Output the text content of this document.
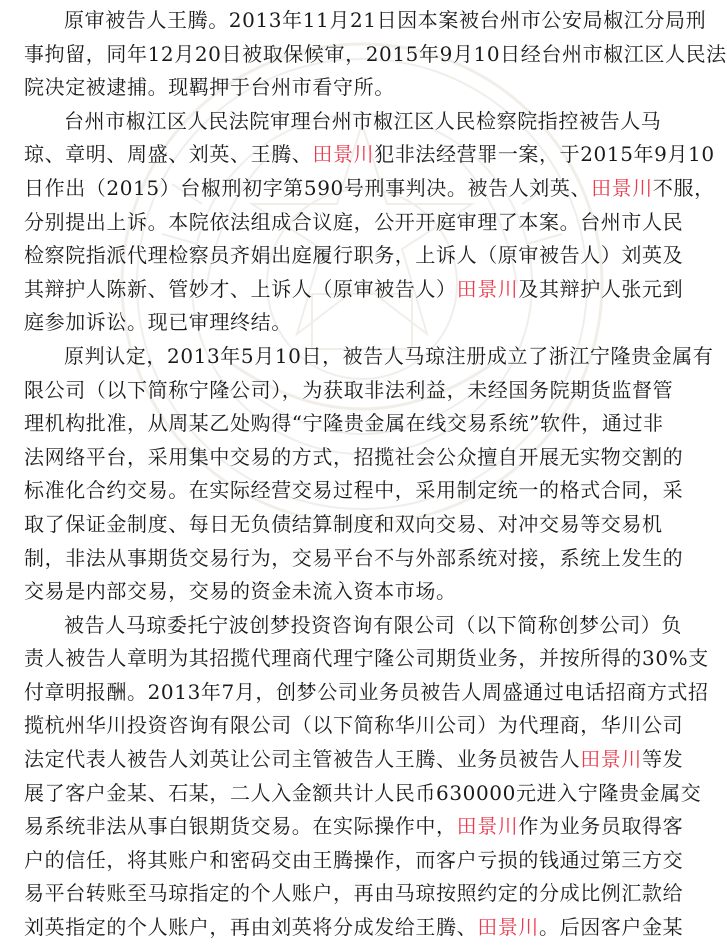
原审被告人王腾。2013年11月21日因本案被台州市公安局椒江分局刑
事拘留，同年12月20日被取保候审，2015年9月10日经台州市椒江区人民法
院决定被逮捕。现羁押于台州市看守所。

台州市椒江区人民法院审理台州市椒江区人民检察院指控被告人马
琼、章明、周盛、刘英、王腾、田景川犯非法经营罪一案，于2015年9月10
日作出（2015）台椒刑初字第590号刑事判决。被告人刘英、田景川不服，
分别提出上诉。本院依法组成合议庭，公开开庭审理了本案。台州市人民
检察院指派代理检察员齐娟出庭履行职务，上诉人（原审被告人）刘英及
其辩护人陈新、管妙才、上诉人（原审被告人）田景川及其辩护人张元到
庭参加诉讼。现已审理终结。

原判认定，2013年5月10日，被告人马琼注册成立了浙江宁隆贵金属有
限公司（以下简称宁隆公司），为获取非法利益，未经国务院期货监督管
理机构批准，从周某乙处购得“宁隆贵金属在线交易系统”软件，通过非
法网络平台，采用集中交易的方式，招揽社会公众擅自开展无实物交割的
标准化合约交易。在实际经营交易过程中，采用制定统一的格式合同，采
取了保证金制度、每日无负债结算制度和双向交易、对冲交易等交易机
制，非法从事期货交易行为，交易平台不与外部系统对接，系统上发生的
交易是内部交易，交易的资金未流入资本市场。

被告人马琼委托宁波创梦投资咨询有限公司（以下简称创梦公司）负
责人被告人章明为其招揽代理商代理宁隆公司期货业务，并按所得的30%支
付章明报酬。2013年7月，创梦公司业务员被告人周盛通过电话招商方式招
揽杭州华川投资咨询有限公司（以下简称华川公司）为代理商，华川公司
法定代表人被告人刘英让公司主管被告人王腾、业务员被告人田景川等发
展了客户金某、石某，二人入金额共计人民币630000元进入宁隆贵金属交
易系统非法从事白银期货交易。在实际操作中，田景川作为业务员取得客
户的信任，将其账户和密码交由王腾操作，而客户亏损的钱通过第三方交
易平台转账至马琼指定的个人账户，再由马琼按照约定的分成比例汇款给
刘英指定的个人账户，再由刘英将分成发给王腾、田景川。后因客户金某
